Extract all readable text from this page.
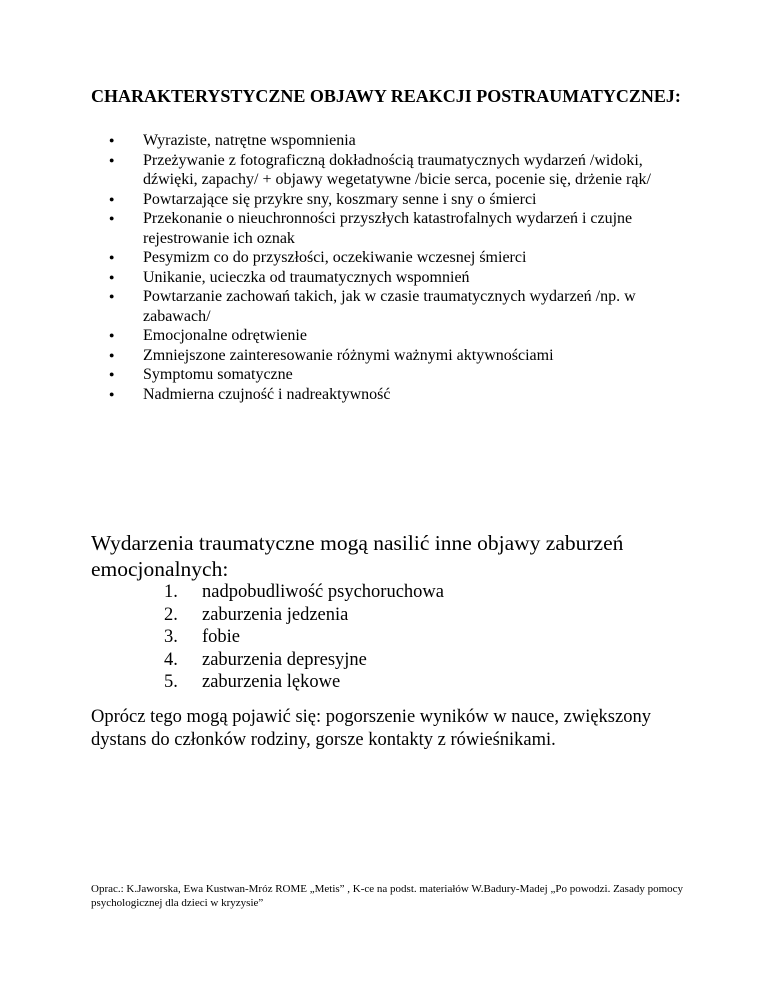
CHARAKTERYSTYCZNE OBJAWY REAKCJI POSTRAUMATYCZNEJ:
● Wyraziste, natrętne wspomnienia
● Przeżywanie z fotograficzną dokładnością traumatycznych wydarzeń /widoki, dźwięki, zapachy/ + objawy wegetatywne /bicie serca, pocenie się, drżenie rąk/
● Powtarzające się przykre sny, koszmary senne i sny o śmierci
● Przekonanie o nieuchronności przyszłych katastrofalnych wydarzeń i czujne rejestrowanie ich oznak
● Pesymizm co do przyszłości, oczekiwanie wczesnej śmierci
● Unikanie, ucieczka od traumatycznych wspomnień
● Powtarzanie zachowań takich, jak w czasie traumatycznych wydarzeń /np. w zabawach/
● Emocjonalne odrętwienie
● Zmniejszone zainteresowanie różnymi ważnymi aktywnościami
● Symptomu somatyczne
● Nadmierna czujność i nadreaktywność

Wydarzenia traumatyczne mogą nasilić inne objawy zaburzeń emocjonalnych:

1. nadpobudliwość psychoruchowa
2. zaburzenia jedzenia
3. fobie
4. zaburzenia depresyjne
5. zaburzenia lękowe

Oprócz tego mogą pojawić się: pogorszenie wyników w nauce, zwiększony dystans do członków rodziny, gorsze kontakty z rówieśnikami.

Oprac.: K.Jaworska, Ewa Kustwan-Mróz ROME „Metis” , K-ce na podst. materiałów W.Badury-Madej „Po powodzi. Zasady pomocy psychologicznej dla dzieci w kryzysie”
